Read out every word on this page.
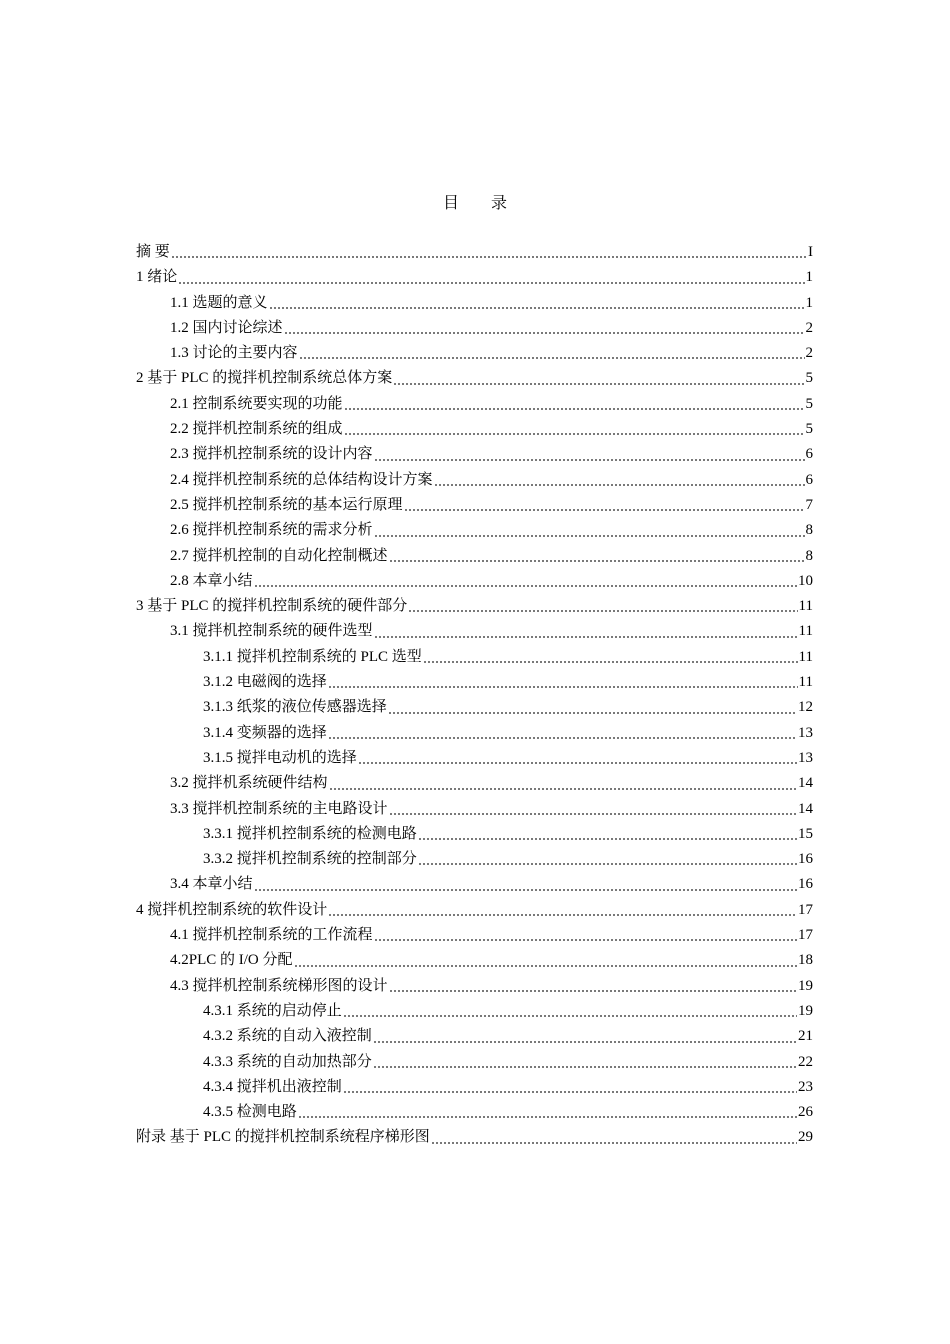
目 录
摘 要	I
1 绪论	1
1.1 选题的意义	1
1.2 国内讨论综述	2
1.3 讨论的主要内容	2
2 基于 PLC 的搅拌机控制系统总体方案	5
2.1 控制系统要实现的功能	5
2.2 搅拌机控制系统的组成	5
2.3 搅拌机控制系统的设计内容	6
2.4 搅拌机控制系统的总体结构设计方案	6
2.5 搅拌机控制系统的基本运行原理	7
2.6 搅拌机控制系统的需求分析	8
2.7 搅拌机控制的自动化控制概述	8
2.8 本章小结	10
3 基于 PLC 的搅拌机控制系统的硬件部分	11
3.1 搅拌机控制系统的硬件选型	11
3.1.1 搅拌机控制系统的 PLC 选型	11
3.1.2 电磁阀的选择	11
3.1.3 纸浆的液位传感器选择	12
3.1.4 变频器的选择	13
3.1.5 搅拌电动机的选择	13
3.2 搅拌机系统硬件结构	14
3.3 搅拌机控制系统的主电路设计	14
3.3.1 搅拌机控制系统的检测电路	15
3.3.2 搅拌机控制系统的控制部分	16
3.4 本章小结	16
4 搅拌机控制系统的软件设计	17
4.1 搅拌机控制系统的工作流程	17
4.2PLC 的 I/O 分配	18
4.3 搅拌机控制系统梯形图的设计	19
4.3.1 系统的启动停止	19
4.3.2 系统的自动入液控制	21
4.3.3 系统的自动加热部分	22
4.3.4 搅拌机出液控制	23
4.3.5 检测电路	26
附录 基于 PLC 的搅拌机控制系统程序梯形图	29
